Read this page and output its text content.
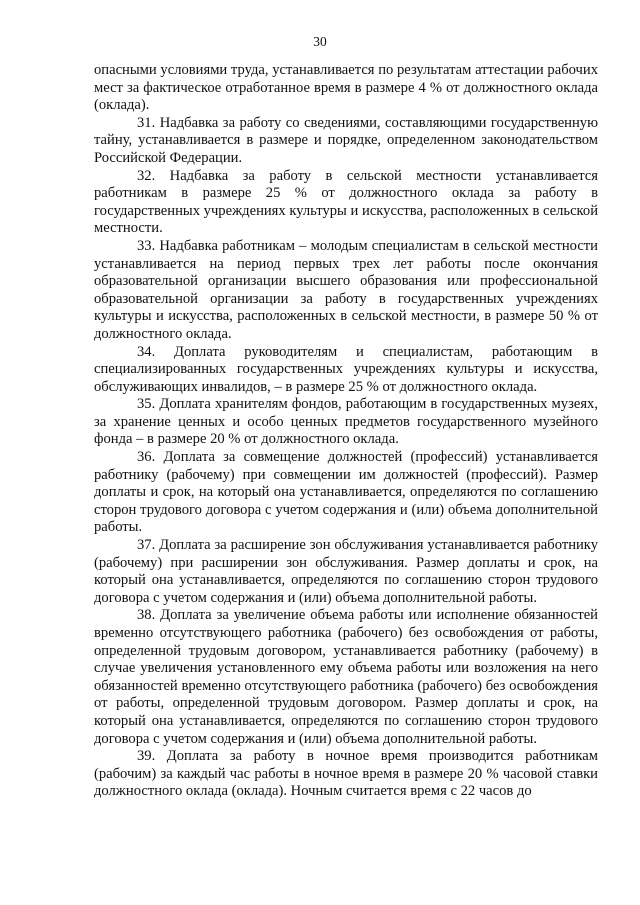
30

опасными условиями труда, устанавливается по результатам аттестации рабочих мест за фактическое отработанное время в размере 4 % от должностного оклада (оклада).

31. Надбавка за работу со сведениями, составляющими государственную тайну, устанавливается в размере и порядке, определенном законодательством Российской Федерации.

32. Надбавка за работу в сельской местности устанавливается работникам в размере 25 % от должностного оклада за работу в государственных учреждениях культуры и искусства, расположенных в сельской местности.

33. Надбавка работникам – молодым специалистам в сельской местности устанавливается на период первых трех лет работы после окончания образовательной организации высшего образования или профессиональной образовательной организации за работу в государственных учреждениях культуры и искусства, расположенных в сельской местности, в размере 50 % от должностного оклада.

34. Доплата руководителям и специалистам, работающим в специализированных государственных учреждениях культуры и искусства, обслуживающих инвалидов, – в размере 25 % от должностного оклада.

35. Доплата хранителям фондов, работающим в государственных музеях, за хранение ценных и особо ценных предметов государственного музейного фонда – в размере 20 % от должностного оклада.

36. Доплата за совмещение должностей (профессий) устанавливается работнику (рабочему) при совмещении им должностей (профессий). Размер доплаты и срок, на который она устанавливается, определяются по соглашению сторон трудового договора с учетом содержания и (или) объема дополнительной работы.

37. Доплата за расширение зон обслуживания устанавливается работнику (рабочему) при расширении зон обслуживания. Размер доплаты и срок, на который она устанавливается, определяются по соглашению сторон трудового договора с учетом содержания и (или) объема дополнительной работы.

38. Доплата за увеличение объема работы или исполнение обязанностей временно отсутствующего работника (рабочего) без освобождения от работы, определенной трудовым договором, устанавливается работнику (рабочему) в случае увеличения установленного ему объема работы или возложения на него обязанностей временно отсутствующего работника (рабочего) без освобождения от работы, определенной трудовым договором. Размер доплаты и срок, на который она устанавливается, определяются по соглашению сторон трудового договора с учетом содержания и (или) объема дополнительной работы.

39. Доплата за работу в ночное время производится работникам (рабочим) за каждый час работы в ночное время в размере 20 % часовой ставки должностного оклада (оклада). Ночным считается время с 22 часов до
